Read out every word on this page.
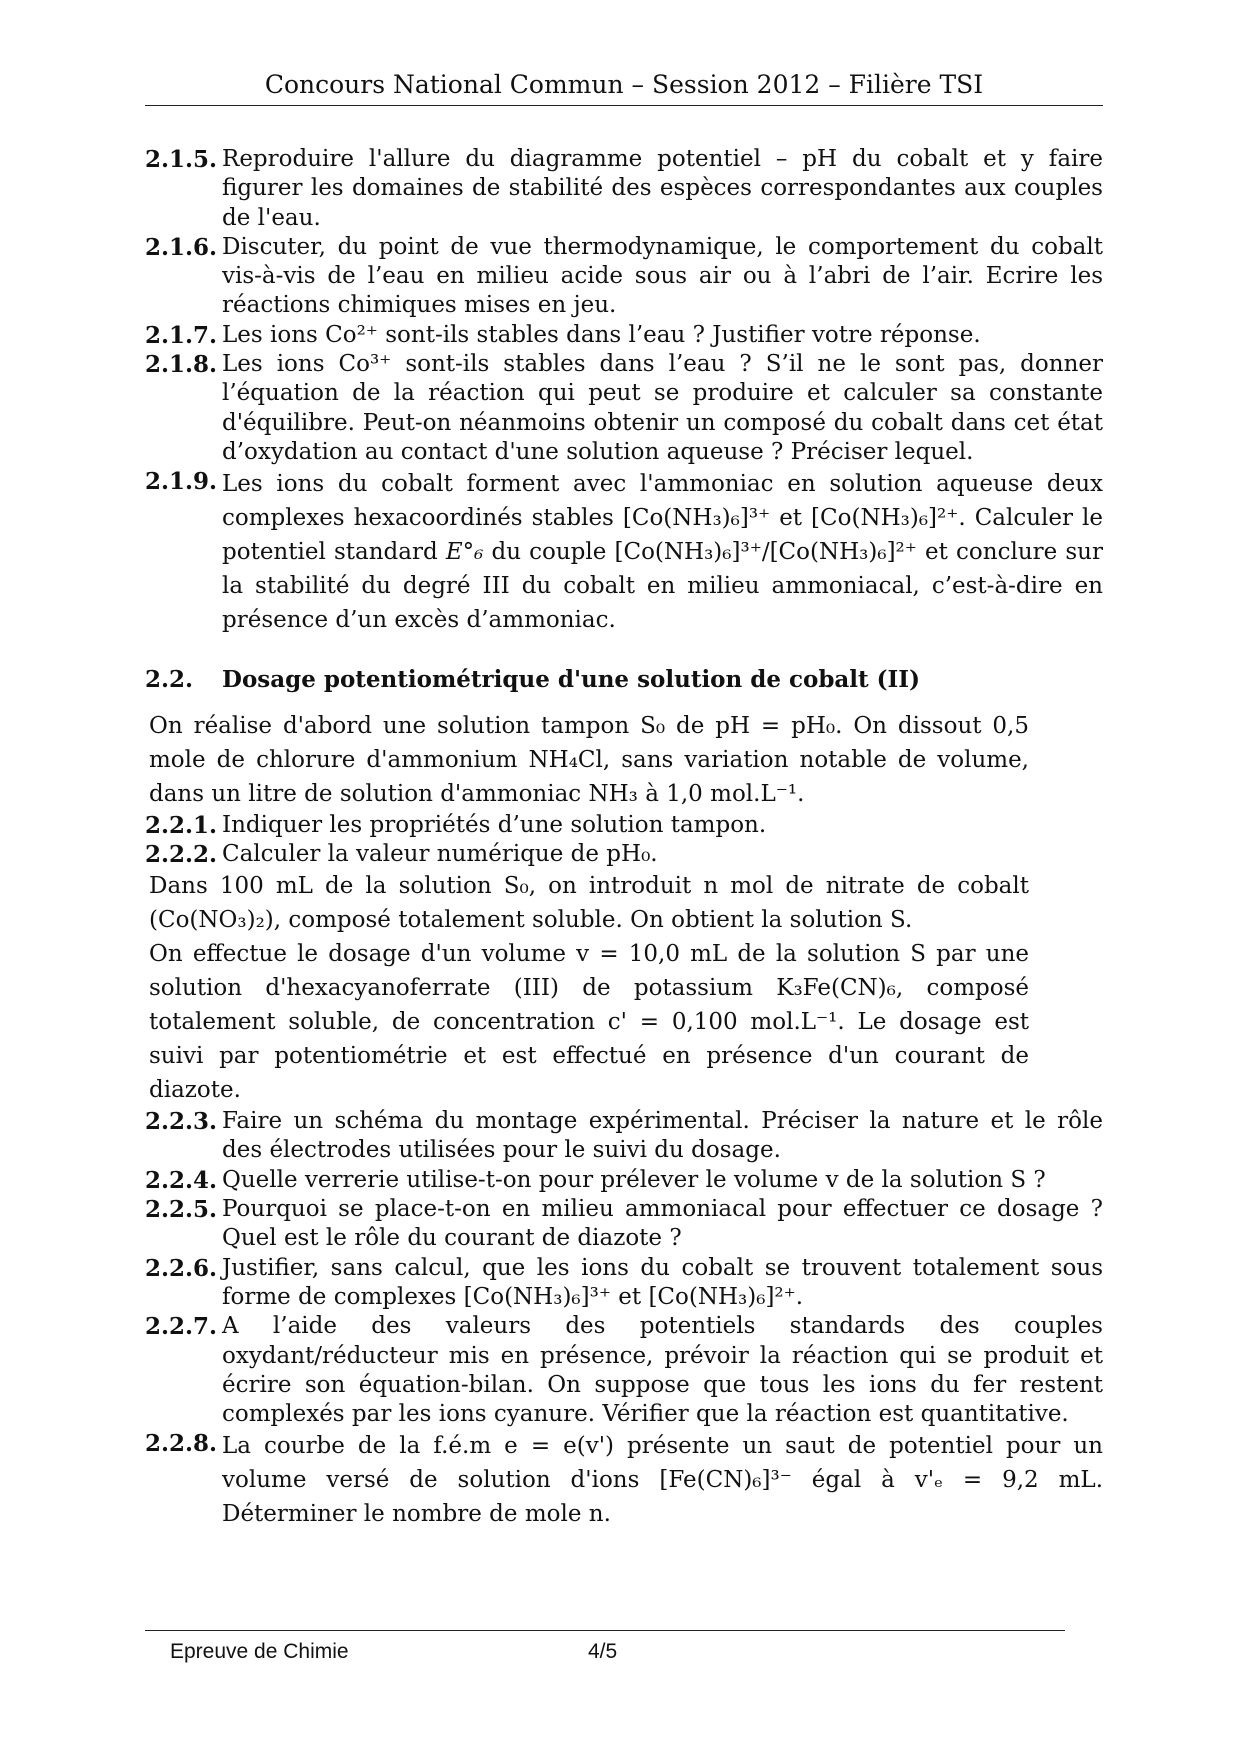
Concours National Commun – Session 2012 – Filière TSI
2.1.5. Reproduire l'allure du diagramme potentiel – pH du cobalt et y faire figurer les domaines de stabilité des espèces correspondantes aux couples de l'eau.
2.1.6. Discuter, du point de vue thermodynamique, le comportement du cobalt vis-à-vis de l’eau en milieu acide sous air ou à l’abri de l’air. Ecrire les réactions chimiques mises en jeu.
2.1.7. Les ions Co²⁺ sont-ils stables dans l’eau ? Justifier votre réponse.
2.1.8. Les ions Co³⁺ sont-ils stables dans l’eau ? S’il ne le sont pas, donner l’équation de la réaction qui peut se produire et calculer sa constante d'équilibre. Peut-on néanmoins obtenir un composé du cobalt dans cet état d’oxydation au contact d'une solution aqueuse ? Préciser lequel.
2.1.9. Les ions du cobalt forment avec l'ammoniac en solution aqueuse deux complexes hexacoordinés stables [Co(NH₃)₆]³⁺ et [Co(NH₃)₆]²⁺. Calculer le potentiel standard E°₆ du couple [Co(NH₃)₆]³⁺/[Co(NH₃)₆]²⁺ et conclure sur la stabilité du degré III du cobalt en milieu ammoniacal, c’est-à-dire en présence d’un excès d’ammoniac.
2.2.	Dosage potentiométrique d'une solution de cobalt (II)
On réalise d'abord une solution tampon S₀ de pH = pH₀. On dissout 0,5 mole de chlorure d'ammonium NH₄Cl, sans variation notable de volume, dans un litre de solution d'ammoniac NH₃ à 1,0 mol.L⁻¹.
2.2.1. Indiquer les propriétés d’une solution tampon.
2.2.2. Calculer la valeur numérique de pH₀.
Dans 100 mL de la solution S₀, on introduit n mol de nitrate de cobalt (Co(NO₃)₂), composé totalement soluble. On obtient la solution S.
On effectue le dosage d'un volume v = 10,0 mL de la solution S par une solution d'hexacyanoferrate (III) de potassium K₃Fe(CN)₆, composé totalement soluble, de concentration c' = 0,100 mol.L⁻¹. Le dosage est suivi par potentiométrie et est effectué en présence d'un courant de diazote.
2.2.3. Faire un schéma du montage expérimental. Préciser la nature et le rôle des électrodes utilisées pour le suivi du dosage.
2.2.4. Quelle verrerie utilise-t-on pour prélever le volume v de la solution S ?
2.2.5. Pourquoi se place-t-on en milieu ammoniacal pour effectuer ce dosage ? Quel est le rôle du courant de diazote ?
2.2.6. Justifier, sans calcul, que les ions du cobalt se trouvent totalement sous forme de complexes [Co(NH₃)₆]³⁺ et [Co(NH₃)₆]²⁺.
2.2.7. A l’aide des valeurs des potentiels standards des couples oxydant/réducteur mis en présence, prévoir la réaction qui se produit et écrire son équation-bilan. On suppose que tous les ions du fer restent complexés par les ions cyanure. Vérifier que la réaction est quantitative.
2.2.8. La courbe de la f.é.m e = e(v') présente un saut de potentiel pour un volume versé de solution d'ions [Fe(CN)₆]³⁻ égal à v'ₑ = 9,2 mL. Déterminer le nombre de mole n.
Epreuve de Chimie	4/5
